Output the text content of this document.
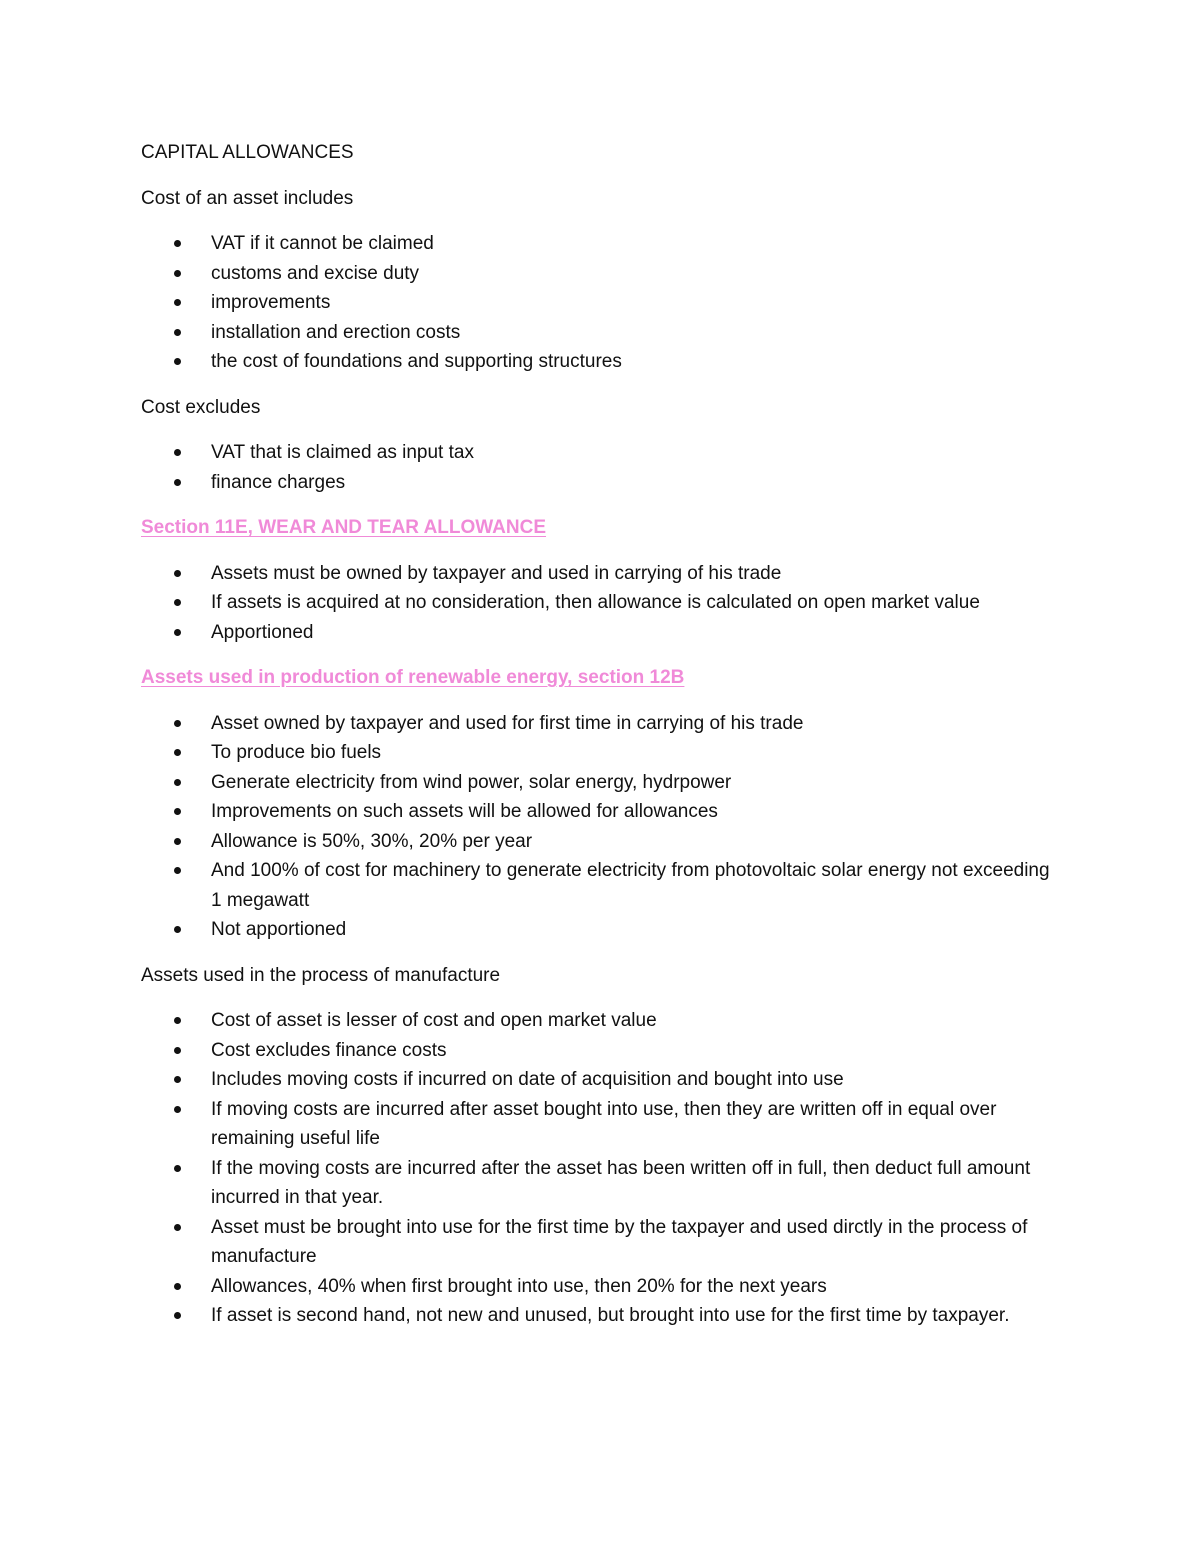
CAPITAL ALLOWANCES

Cost of an asset includes

VAT if it cannot be claimed
customs and excise duty
improvements
installation and erection costs
the cost of foundations and supporting structures

Cost excludes

VAT that is claimed as input tax
finance charges

Section 11E, WEAR AND TEAR ALLOWANCE

Assets must be owned by taxpayer and used in carrying of his trade
If assets is acquired at no consideration, then allowance is calculated on open market value
Apportioned

Assets used in production of renewable energy, section 12B

Asset owned by taxpayer and used for first time in carrying of his trade
To produce bio fuels
Generate electricity from wind power, solar energy, hydrpower
Improvements on such assets will be allowed for allowances
Allowance is 50%, 30%, 20% per year
And 100% of cost for machinery to generate electricity from photovoltaic solar energy not exceeding 1 megawatt
Not apportioned

Assets used in the process of manufacture

Cost of asset is lesser of cost and open market value
Cost excludes finance costs
Includes moving costs if incurred on date of acquisition and bought into use
If moving costs are incurred after asset bought into use, then they are written off in equal over remaining useful life
If the moving costs are incurred after the asset has been written off in full, then deduct full amount incurred in that year.
Asset must be brought into use for the first time by the taxpayer and used dirctly in the process of manufacture
Allowances, 40% when first brought into use, then 20% for the next years
If asset is second hand, not new and unused, but brought into use for the first time by taxpayer.
